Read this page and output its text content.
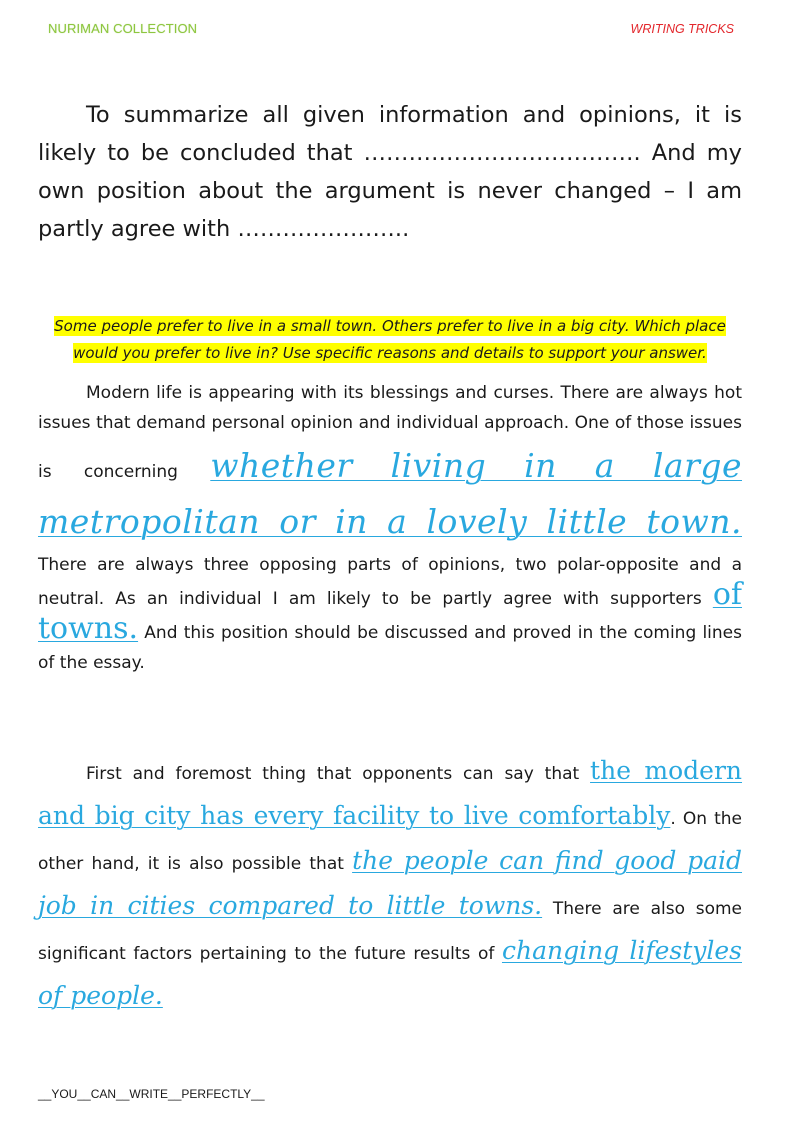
NURIMAN COLLECTION	WRITING TRICKS

To summarize all given information and opinions, it is likely to be concluded that ………………………………. And my own position about the argument is never changed – I am partly agree with …………………..

Some people prefer to live in a small town. Others prefer to live in a big city. Which place would you prefer to live in? Use specific reasons and details to support your answer.

Modern life is appearing with its blessings and curses. There are always hot issues that demand personal opinion and individual approach. One of those issues is concerning whether living in a large metropolitan or in a lovely little town. There are always three opposing parts of opinions, two polar-opposite and a neutral. As an individual I am likely to be partly agree with supporters of towns. And this position should be discussed and proved in the coming lines of the essay.

First and foremost thing that opponents can say that the modern and big city has every facility to live comfortably. On the other hand, it is also possible that the people can find good paid job in cities compared to little towns. There are also some significant factors pertaining to the future results of changing lifestyles of people.

__YOU__CAN__WRITE__PERFECTLY__
